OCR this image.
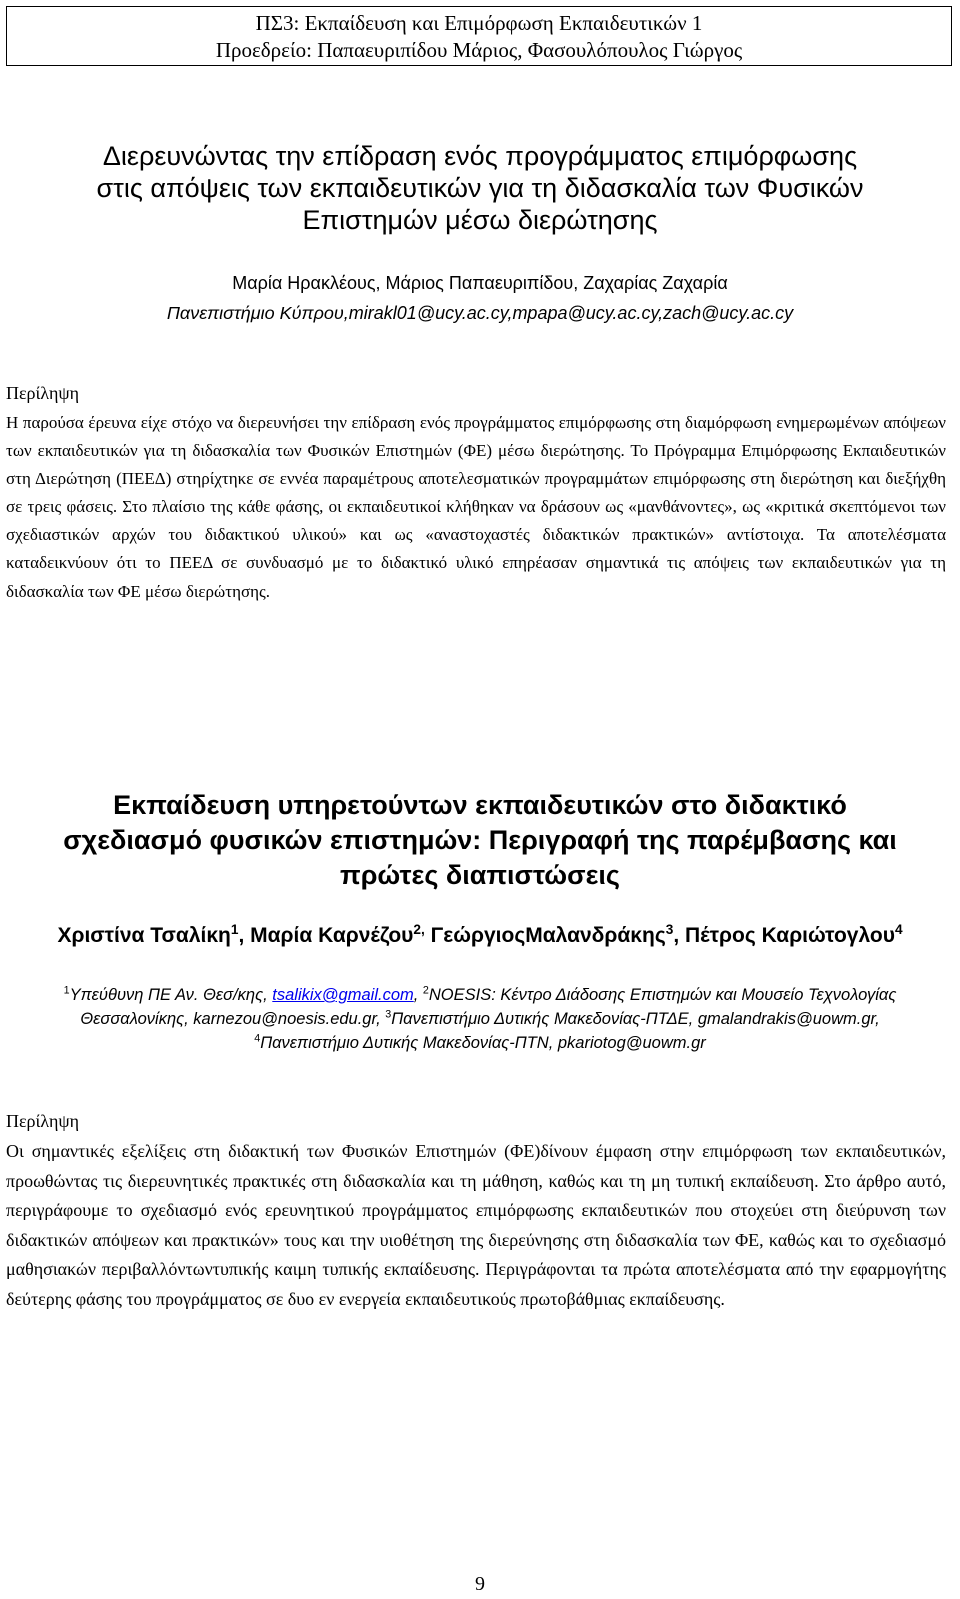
ΠΣ3: Εκπαίδευση και Επιμόρφωση Εκπαιδευτικών 1
Προεδρείο: Παπαευριπίδου Μάριος, Φασουλόπουλος Γιώργος
Διερευνώντας την επίδραση ενός προγράμματος επιμόρφωσης
στις απόψεις των εκπαιδευτικών για τη διδασκαλία των Φυσικών
Επιστημών μέσω διερώτησης
Μαρία Ηρακλέους, Μάριος Παπαευριπίδου, Ζαχαρίας Ζαχαρία
Πανεπιστήμιο Κύπρου,mirakl01@ucy.ac.cy,mpapa@ucy.ac.cy,zach@ucy.ac.cy
Περίληψη
Η παρούσα έρευνα είχε στόχο να διερευνήσει την επίδραση ενός προγράμματος επιμόρφωσης στη διαμόρφωση ενημερωμένων απόψεων των εκπαιδευτικών για τη διδασκαλία των Φυσικών Επιστημών (ΦΕ) μέσω διερώτησης. Το Πρόγραμμα Επιμόρφωσης Εκπαιδευτικών στη Διερώτηση (ΠΕΕΔ) στηρίχτηκε σε εννέα παραμέτρους αποτελεσματικών προγραμμάτων επιμόρφωσης στη διερώτηση και διεξήχθη σε τρεις φάσεις. Στο πλαίσιο της κάθε φάσης, οι εκπαιδευτικοί κλήθηκαν να δράσουν ως «μανθάνοντες», ως «κριτικά σκεπτόμενοι των σχεδιαστικών αρχών του διδακτικού υλικού» και ως «αναστοχαστές διδακτικών πρακτικών» αντίστοιχα. Τα αποτελέσματα καταδεικνύουν ότι το ΠΕΕΔ σε συνδυασμό με το διδακτικό υλικό επηρέασαν σημαντικά τις απόψεις των εκπαιδευτικών για τη διδασκαλία των ΦΕ μέσω διερώτησης.
Εκπαίδευση υπηρετούντων εκπαιδευτικών στο διδακτικό
σχεδιασμό φυσικών επιστημών: Περιγραφή της παρέμβασης και
πρώτες διαπιστώσεις
Χριστίνα Τσαλίκη$^1$, Μαρία Καρνέζου$^{2,}$ ΓεώργιοςΜαλανδράκης$^3$, Πέτρος Καριώτογλου$^4$
$^1$Υπεύθυνη ΠΕ Αν. Θεσ/κης, tsalikix@gmail.com, $^2$NOESIS: Κέντρο Διάδοσης Επιστημών και Μουσείο Τεχνολογίας Θεσσαλονίκης, karnezou@noesis.edu.gr, $^3$Πανεπιστήμιο Δυτικής Μακεδονίας-ΠΤΔΕ, gmalandrakis@uowm.gr, $^4$Πανεπιστήμιο Δυτικής Μακεδονίας-ΠΤΝ, pkariotog@uowm.gr
Περίληψη
Οι σημαντικές εξελίξεις στη διδακτική των Φυσικών Επιστημών (ΦΕ)δίνουν έμφαση στην επιμόρφωση των εκπαιδευτικών, προωθώντας τις διερευνητικές πρακτικές στη διδασκαλία και τη μάθηση, καθώς και τη μη τυπική εκπαίδευση. Στο άρθρο αυτό, περιγράφουμε το σχεδιασμό ενός ερευνητικού προγράμματος επιμόρφωσης εκπαιδευτικών που στοχεύει στη διεύρυνση των διδακτικών απόψεων και πρακτικών» τους και την υιοθέτηση της διερεύνησης στη διδασκαλία των ΦΕ, καθώς και το σχεδιασμό μαθησιακών περιβαλλόντωντυπικής καιμη τυπικής εκπαίδευσης. Περιγράφονται τα πρώτα αποτελέσματα από την εφαρμογήτης δεύτερης φάσης του προγράμματος σε δυο εν ενεργεία εκπαιδευτικούς πρωτοβάθμιας εκπαίδευσης.
9
